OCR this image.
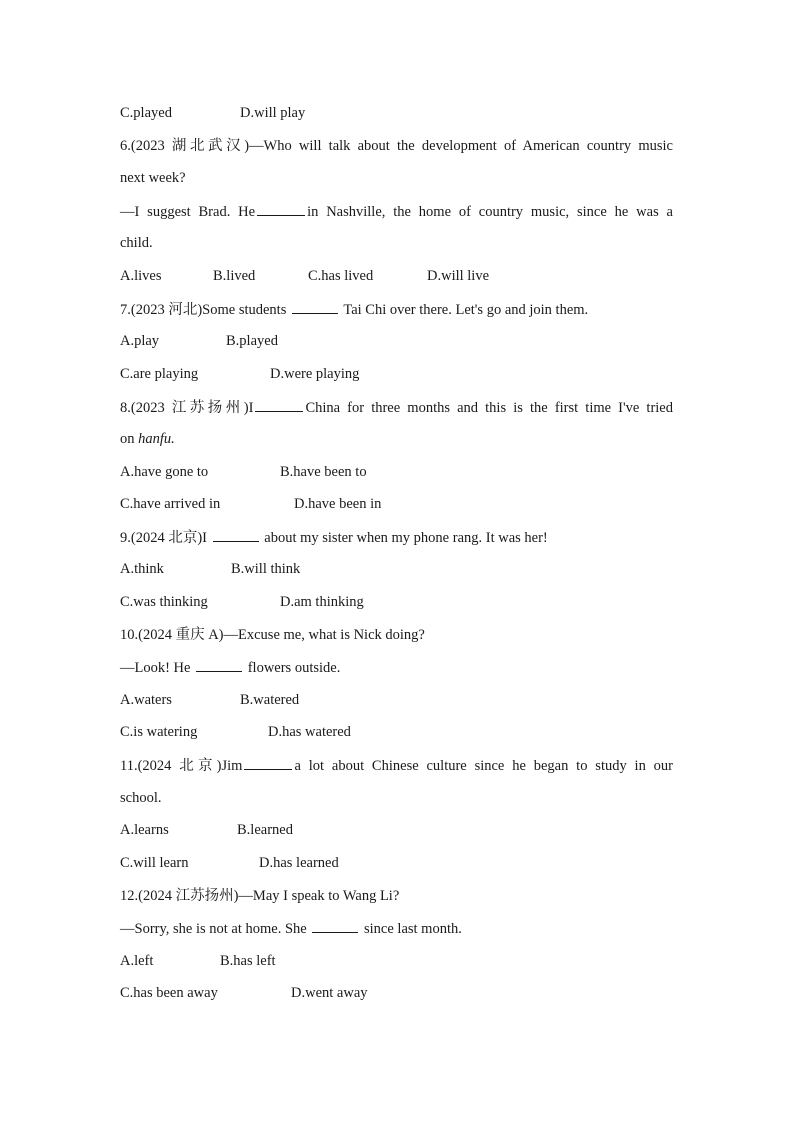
C.played	D.will play
6.(2023 湖北武汉)—Who will talk about the development of American country music
next week?
—I suggest Brad. He	in Nashville, the home of country music, since he was a
child.
A.lives	B.lived	C.has lived	D.will live
7.(2023 河北)Some students	Tai Chi over there. Let's go and join them.
A.play	B.played
C.are playing	D.were playing
8.(2023 江苏扬州)I	China for three months and this is the first time I've tried
on hanfu.
A.have gone to	B.have been to
C.have arrived in	D.have been in
9.(2024 北京)I	about my sister when my phone rang. It was her!
A.think	B.will think
C.was thinking	D.am thinking
10.(2024 重庆 A)—Excuse me, what is Nick doing?
—Look! He	flowers outside.
A.waters	B.watered
C.is watering	D.has watered
11.(2024 北京)Jim	a lot about Chinese culture since he began to study in our
school.
A.learns	B.learned
C.will learn	D.has learned
12.(2024 江苏扬州)—May I speak to Wang Li?
—Sorry, she is not at home. She	since last month.
A.left	B.has left
C.has been away	D.went away
